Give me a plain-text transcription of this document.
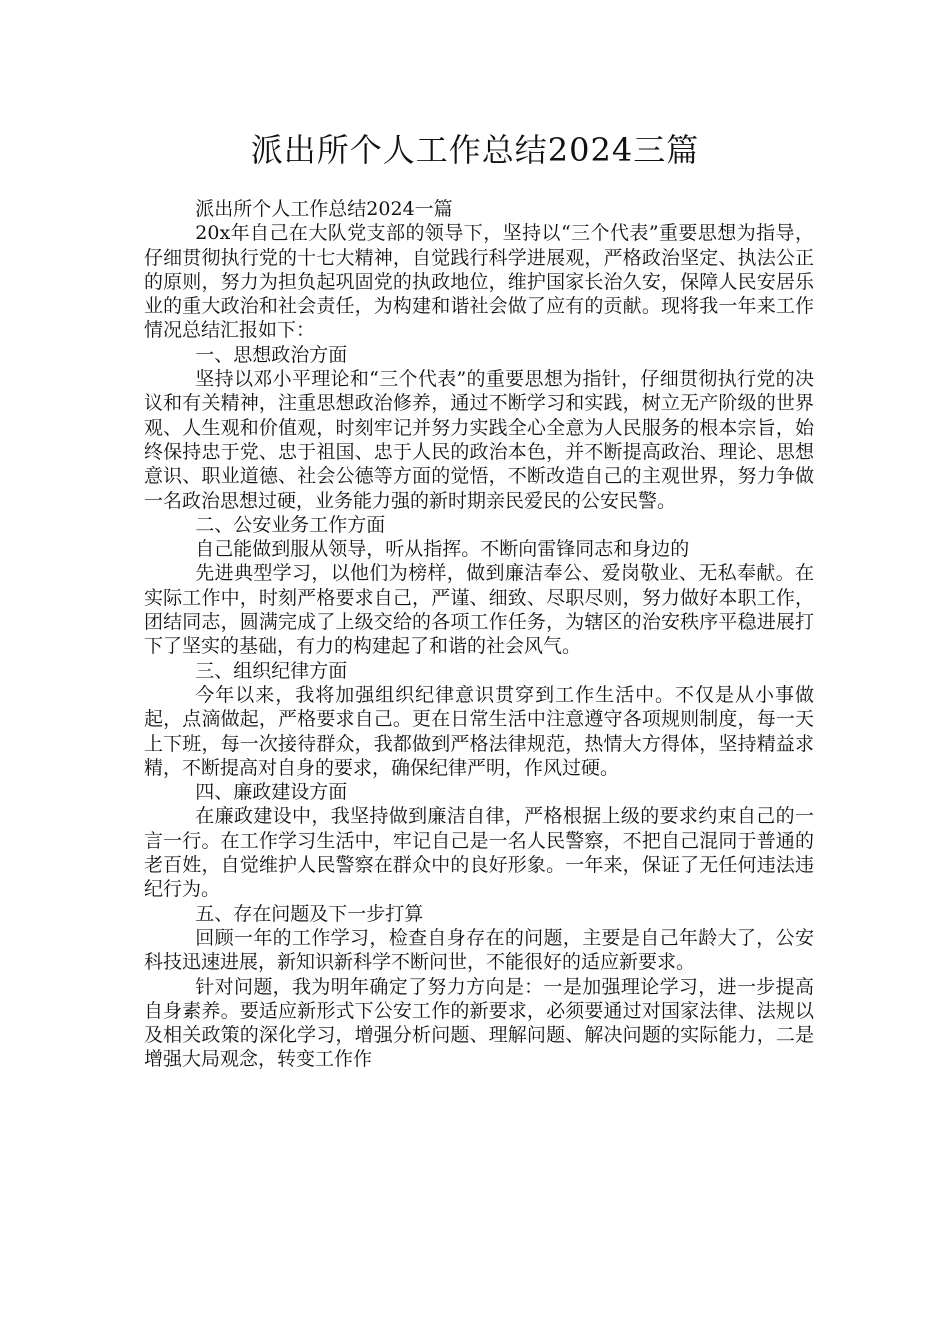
派出所个人工作总结2024三篇

派出所个人工作总结2024一篇

20x年自己在大队党支部的领导下，坚持以“三个代表”重要思想为指导，仔细贯彻执行党的十七大精神，自觉践行科学进展观，严格政治坚定、执法公正的原则，努力为担负起巩固党的执政地位，维护国家长治久安，保障人民安居乐业的重大政治和社会责任，为构建和谐社会做了应有的贡献。现将我一年来工作情况总结汇报如下：

一、思想政治方面

坚持以邓小平理论和“三个代表”的重要思想为指针，仔细贯彻执行党的决议和有关精神，注重思想政治修养，通过不断学习和实践，树立无产阶级的世界观、人生观和价值观，时刻牢记并努力实践全心全意为人民服务的根本宗旨，始终保持忠于党、忠于祖国、忠于人民的政治本色，并不断提高政治、理论、思想意识、职业道德、社会公德等方面的觉悟，不断改造自己的主观世界，努力争做一名政治思想过硬，业务能力强的新时期亲民爱民的公安民警。

二、公安业务工作方面

自己能做到服从领导，听从指挥。不断向雷锋同志和身边的

先进典型学习，以他们为榜样，做到廉洁奉公、爱岗敬业、无私奉献。在实际工作中，时刻严格要求自己，严谨、细致、尽职尽则，努力做好本职工作，团结同志，圆满完成了上级交给的各项工作任务，为辖区的治安秩序平稳进展打下了坚实的基础，有力的构建起了和谐的社会风气。

三、组织纪律方面

今年以来，我将加强组织纪律意识贯穿到工作生活中。不仅是从小事做起，点滴做起，严格要求自己。更在日常生活中注意遵守各项规则制度，每一天上下班，每一次接待群众，我都做到严格法律规范，热情大方得体，坚持精益求精，不断提高对自身的要求，确保纪律严明，作风过硬。

四、廉政建设方面

在廉政建设中，我坚持做到廉洁自律，严格根据上级的要求约束自己的一言一行。在工作学习生活中，牢记自己是一名人民警察，不把自己混同于普通的老百姓，自觉维护人民警察在群众中的良好形象。一年来，保证了无任何违法违纪行为。

五、存在问题及下一步打算

回顾一年的工作学习，检查自身存在的问题，主要是自己年龄大了，公安科技迅速进展，新知识新科学不断问世，不能很好的适应新要求。

针对问题，我为明年确定了努力方向是：一是加强理论学习，进一步提高自身素养。要适应新形式下公安工作的新要求，必须要通过对国家法律、法规以及相关政策的深化学习，增强分析问题、理解问题、解决问题的实际能力，二是增强大局观念，转变工作作
